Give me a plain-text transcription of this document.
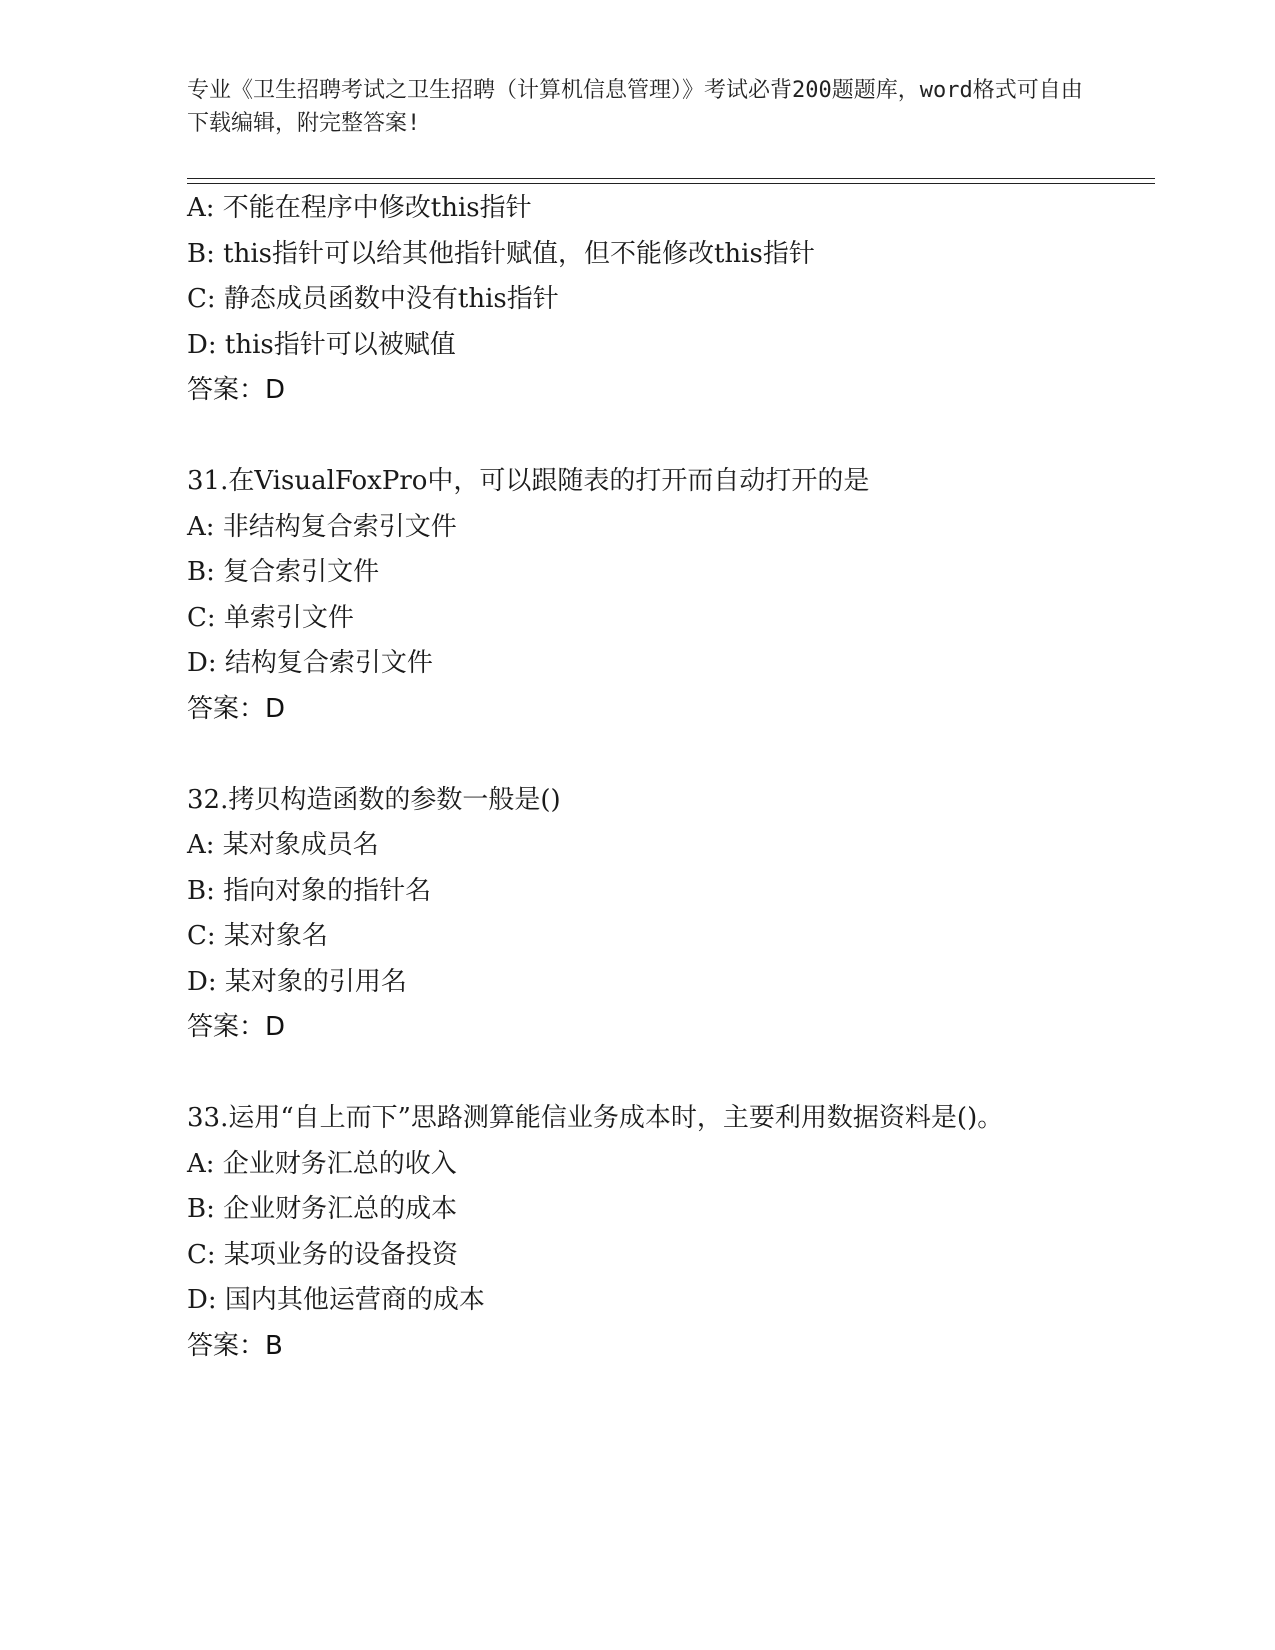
专业《卫生招聘考试之卫生招聘（计算机信息管理）》考试必背200题题库，word格式可自由下载编辑，附完整答案!
A: 不能在程序中修改this指针
B: this指针可以给其他指针赋值，但不能修改this指针
C: 静态成员函数中没有this指针
D: this指针可以被赋值
答案：D
31.在VisualFoxPro中，可以跟随表的打开而自动打开的是
A: 非结构复合索引文件
B: 复合索引文件
C: 单索引文件
D: 结构复合索引文件
答案：D
32.拷贝构造函数的参数一般是()
A: 某对象成员名
B: 指向对象的指针名
C: 某对象名
D: 某对象的引用名
答案：D
33.运用“自上而下”思路测算能信业务成本时，主要利用数据资料是()。
A: 企业财务汇总的收入
B: 企业财务汇总的成本
C: 某项业务的设备投资
D: 国内其他运营商的成本
答案：B
